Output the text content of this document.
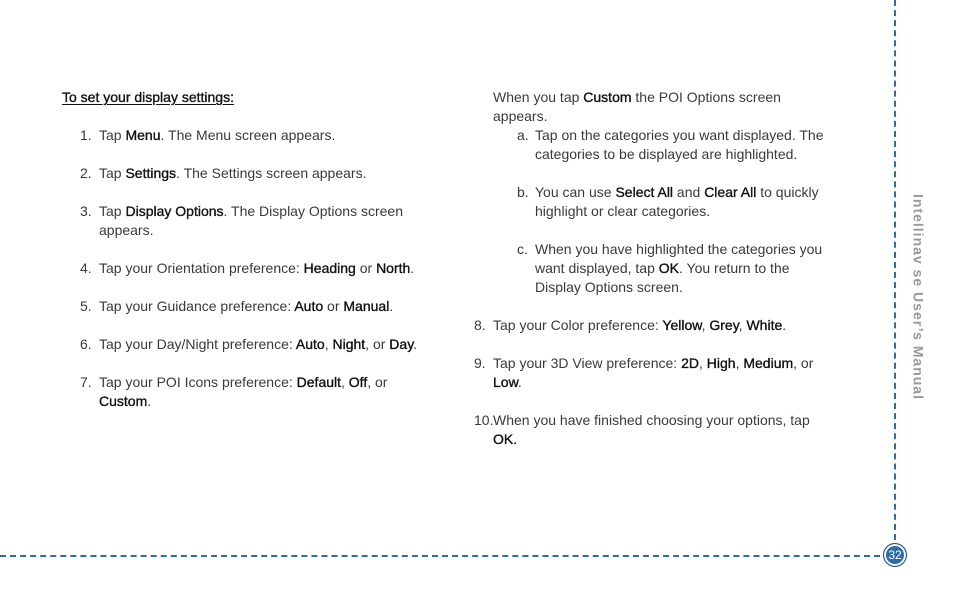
To set your display settings:

1. Tap Menu. The Menu screen appears.
2. Tap Settings. The Settings screen appears.
3. Tap Display Options. The Display Options screen appears.
4. Tap your Orientation preference: Heading or North.
5. Tap your Guidance preference: Auto or Manual.
6. Tap your Day/Night preference: Auto, Night, or Day.
7. Tap your POI Icons preference: Default, Off, or Custom.
When you tap Custom the POI Options screen appears.
a. Tap on the categories you want displayed. The categories to be displayed are highlighted.
b. You can use Select All and Clear All to quickly highlight or clear categories.
c. When you have highlighted the categories you want displayed, tap OK. You return to the Display Options screen.
8. Tap your Color preference: Yellow, Grey, White.
9. Tap your 3D View preference: 2D, High, Medium, or Low.
10. When you have finished choosing your options, tap OK.
Intellinav se User’s Manual
32
